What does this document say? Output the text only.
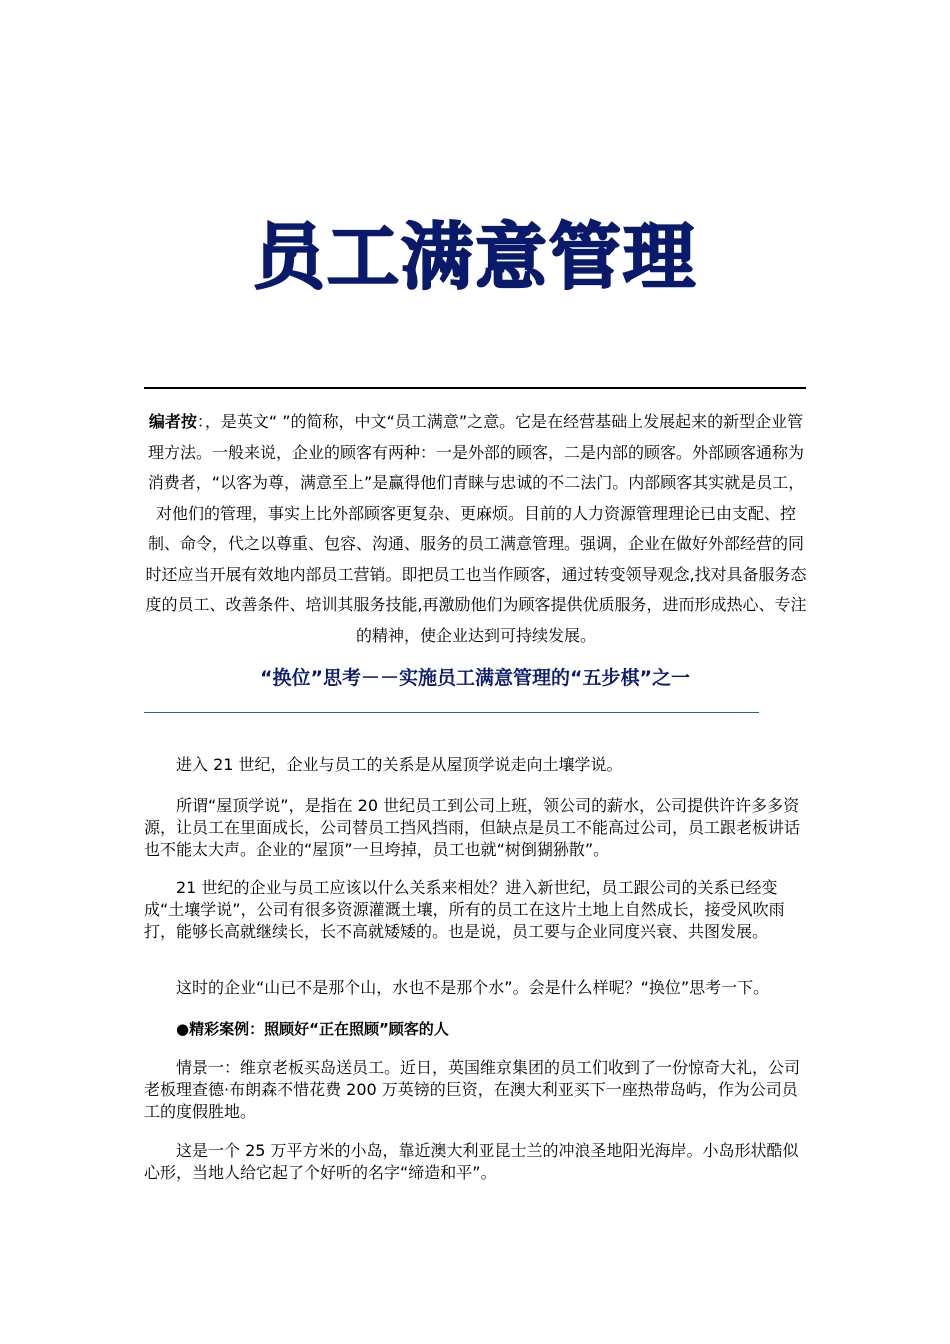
员工满意管理
编者按：，是英文“ ”的简称，中文“员工满意”之意。它是在经营基础上发展起来的新型企业管理方法。一般来说，企业的顾客有两种：一是外部的顾客，二是内部的顾客。外部顾客通称为消费者，“以客为尊，满意至上”是赢得他们青睐与忠诚的不二法门。内部顾客其实就是员工，对他们的管理，事实上比外部顾客更复杂、更麻烦。目前的人力资源管理理论已由支配、控制、命令，代之以尊重、包容、沟通、服务的员工满意管理。强调，企业在做好外部经营的同时还应当开展有效地内部员工营销。即把员工也当作顾客，通过转变领导观念,找对具备服务态度的员工、改善条件、培训其服务技能,再激励他们为顾客提供优质服务，进而形成热心、专注的精神，使企业达到可持续发展。
“换位”思考－－实施员工满意管理的“五步棋”之一
进入 21 世纪，企业与员工的关系是从屋顶学说走向土壤学说。
所谓“屋顶学说”，是指在 20 世纪员工到公司上班，领公司的薪水，公司提供许许多多资源，让员工在里面成长，公司替员工挡风挡雨，但缺点是员工不能高过公司，员工跟老板讲话也不能太大声。企业的“屋顶”一旦垮掉，员工也就“树倒猢狲散”。
21 世纪的企业与员工应该以什么关系来相处？进入新世纪，员工跟公司的关系已经变成“土壤学说”，公司有很多资源灌溉土壤，所有的员工在这片土地上自然成长，接受风吹雨打，能够长高就继续长，长不高就矮矮的。也是说，员工要与企业同度兴衰、共图发展。
这时的企业“山已不是那个山，水也不是那个水”。会是什么样呢？“换位”思考一下。
●精彩案例：照顾好“正在照顾”顾客的人
情景一：维京老板买岛送员工。近日，英国维京集团的员工们收到了一份惊奇大礼，公司老板理查德·布朗森不惜花费 200 万英镑的巨资，在澳大利亚买下一座热带岛屿，作为公司员工的度假胜地。
这是一个 25 万平方米的小岛，靠近澳大利亚昆士兰的冲浪圣地阳光海岸。小岛形状酷似心形，当地人给它起了个好听的名字“缔造和平”。
